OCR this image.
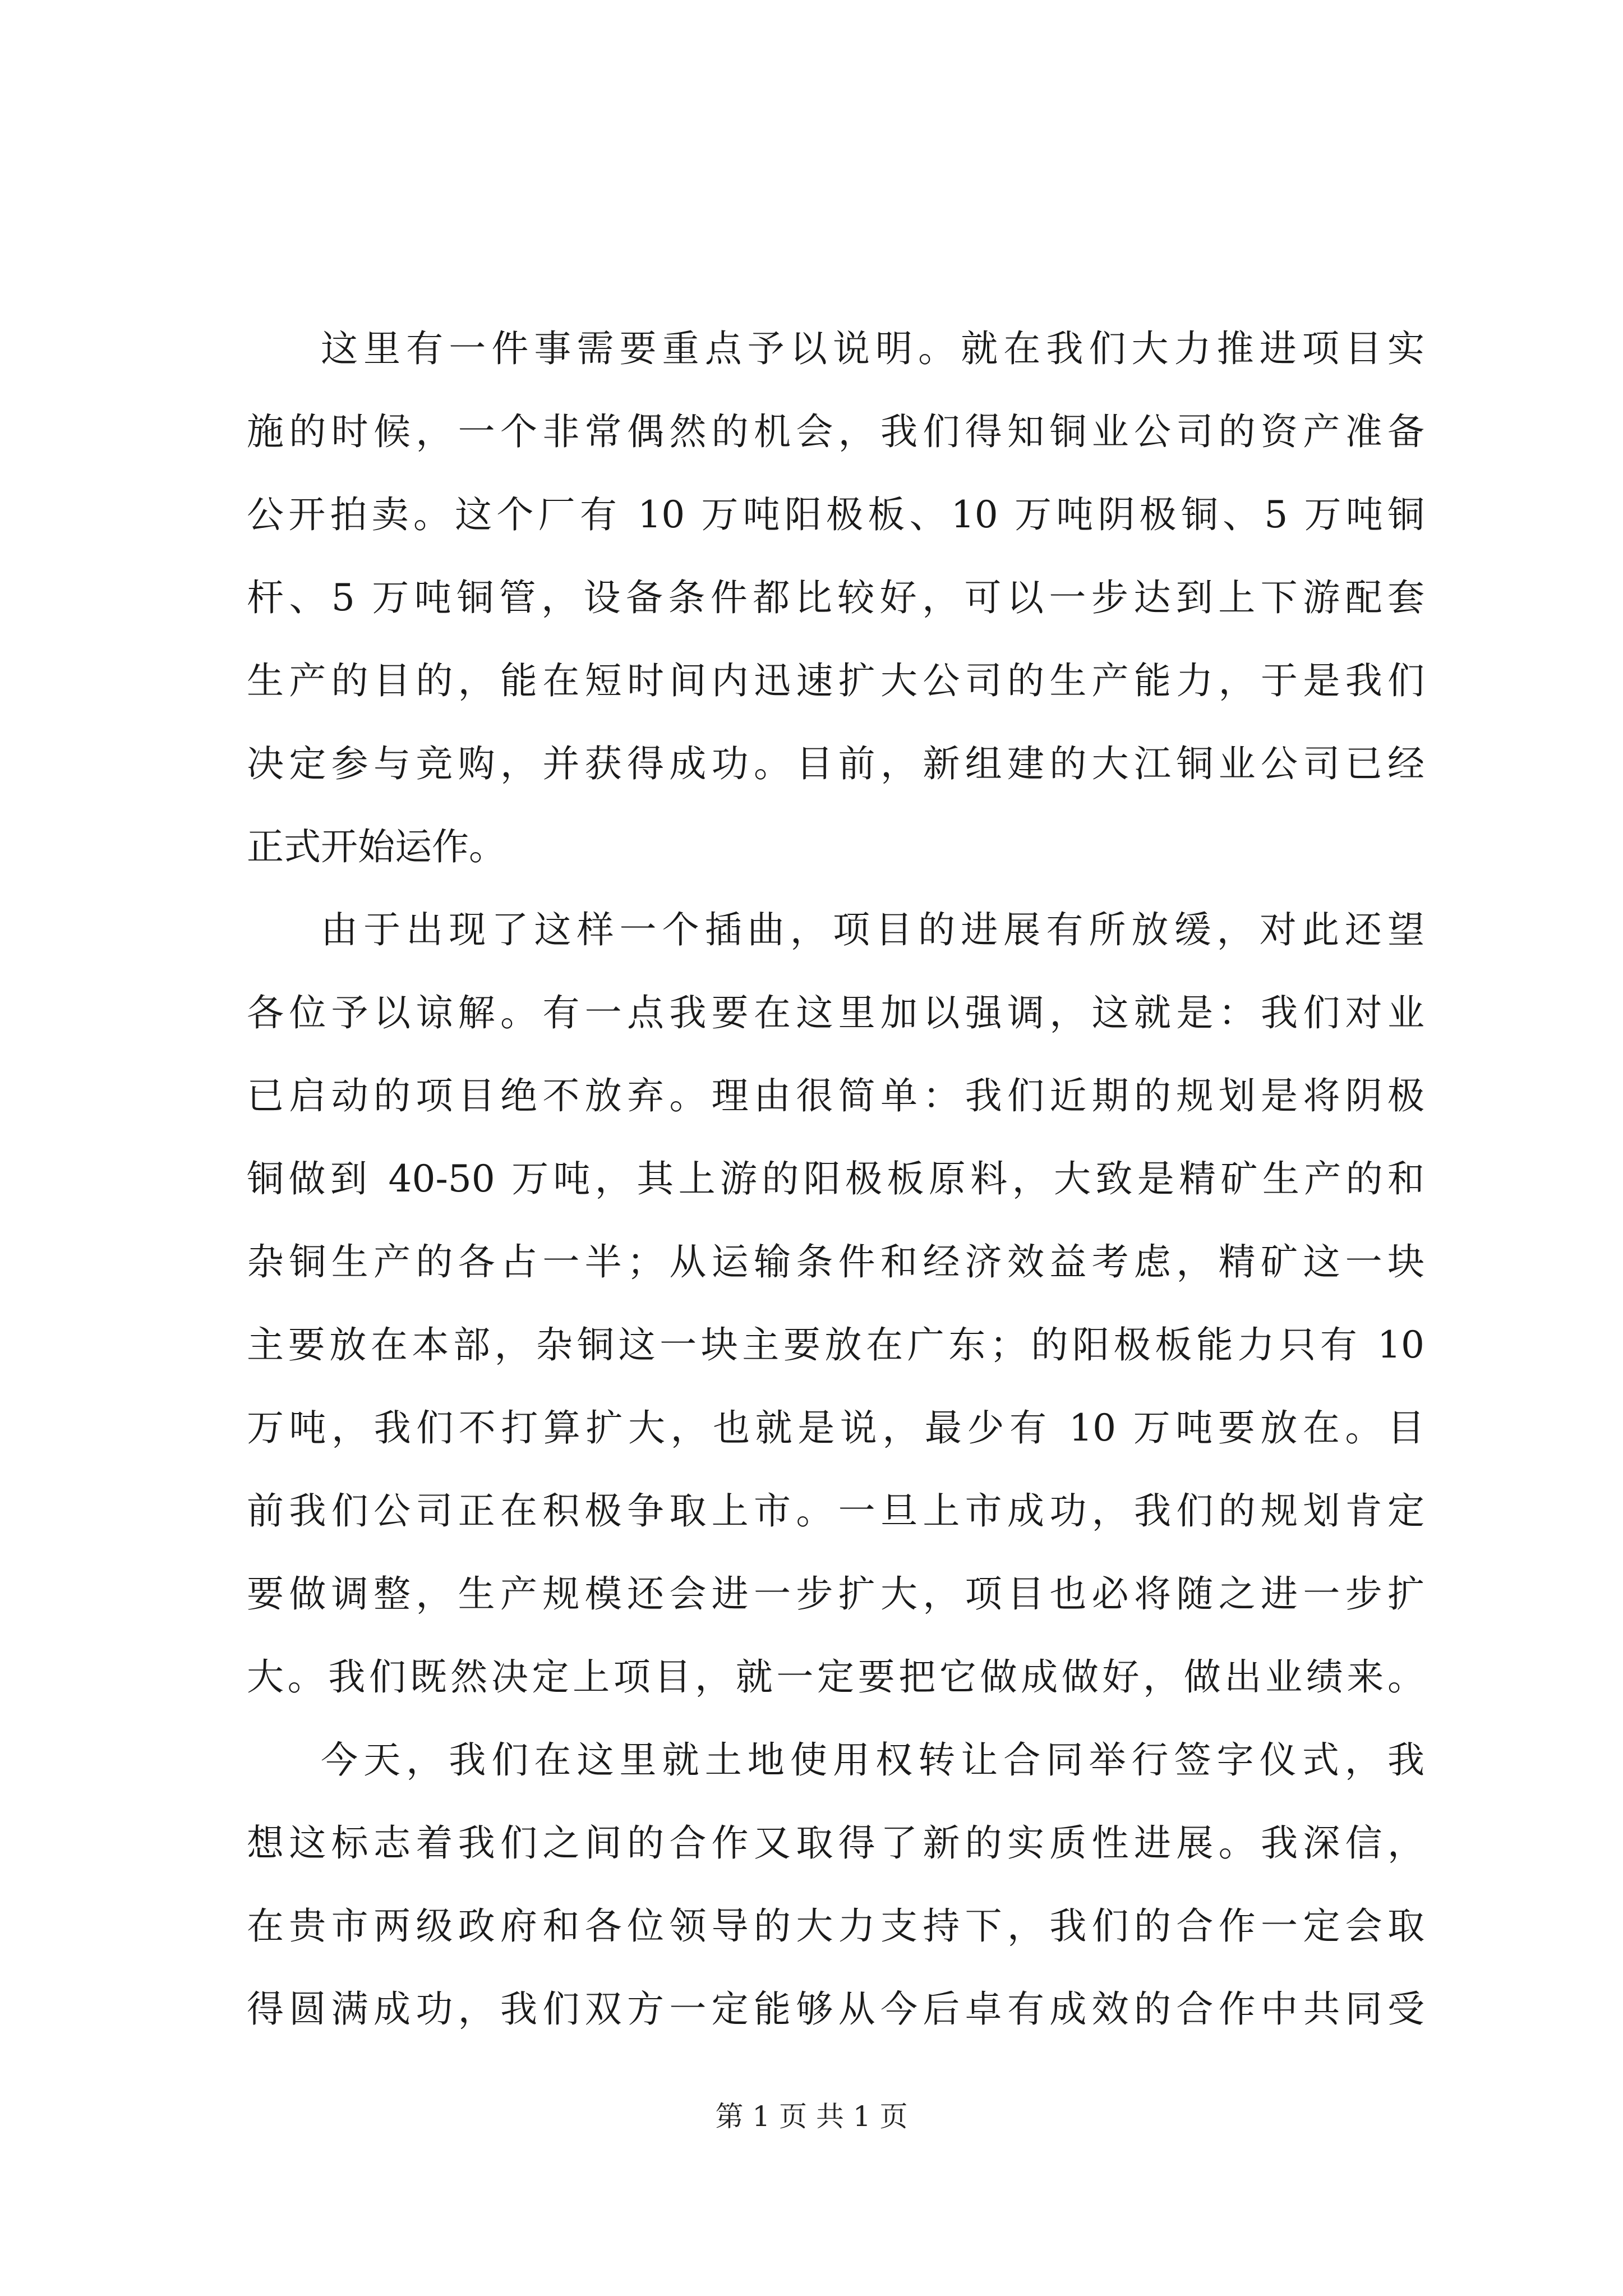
这里有一件事需要重点予以说明。就在我们大力推进项目实
施的时候，一个非常偶然的机会，我们得知铜业公司的资产准备
公开拍卖。这个厂有 10 万吨阳极板、10 万吨阴极铜、5 万吨铜
杆、5 万吨铜管，设备条件都比较好，可以一步达到上下游配套
生产的目的，能在短时间内迅速扩大公司的生产能力，于是我们
决定参与竞购，并获得成功。目前，新组建的大江铜业公司已经
正式开始运作。
由于出现了这样一个插曲，项目的进展有所放缓，对此还望
各位予以谅解。有一点我要在这里加以强调，这就是：我们对业
已启动的项目绝不放弃。理由很简单：我们近期的规划是将阴极
铜做到 40-50 万吨，其上游的阳极板原料，大致是精矿生产的和
杂铜生产的各占一半；从运输条件和经济效益考虑，精矿这一块
主要放在本部，杂铜这一块主要放在广东；的阳极板能力只有 10
万吨，我们不打算扩大，也就是说，最少有 10 万吨要放在。目
前我们公司正在积极争取上市。一旦上市成功，我们的规划肯定
要做调整，生产规模还会进一步扩大，项目也必将随之进一步扩
大。我们既然决定上项目，就一定要把它做成做好，做出业绩来。
今天，我们在这里就土地使用权转让合同举行签字仪式，我
想这标志着我们之间的合作又取得了新的实质性进展。我深信，
在贵市两级政府和各位领导的大力支持下，我们的合作一定会取
得圆满成功，我们双方一定能够从今后卓有成效的合作中共同受
第 1 页 共 1 页
